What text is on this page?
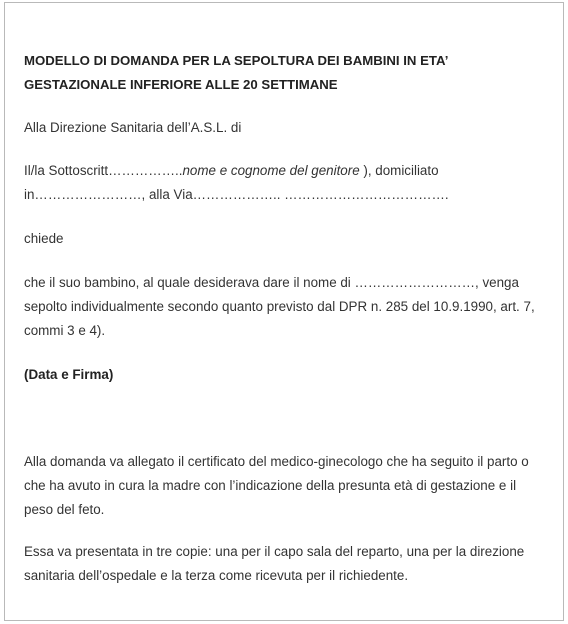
MODELLO DI DOMANDA PER LA SEPOLTURA DEI BAMBINI IN ETA’
GESTAZIONALE INFERIORE ALLE 20 SETTIMANE

Alla Direzione Sanitaria dell’A.S.L. di

Il/la Sottoscritt……………..nome e cognome del genitore ), domiciliato
in……………………, alla Via……………….. ……………………………….

chiede

che il suo bambino, al quale desiderava dare il nome di ………………………, venga
sepolto individualmente secondo quanto previsto dal DPR n. 285 del 10.9.1990, art. 7,
commi 3 e 4).

(Data e Firma)

Alla domanda va allegato il certificato del medico-ginecologo che ha seguito il parto o
che ha avuto in cura la madre con l’indicazione della presunta età di gestazione e il
peso del feto.
Essa va presentata in tre copie: una per il capo sala del reparto, una per la direzione
sanitaria dell’ospedale e la terza come ricevuta per il richiedente.
